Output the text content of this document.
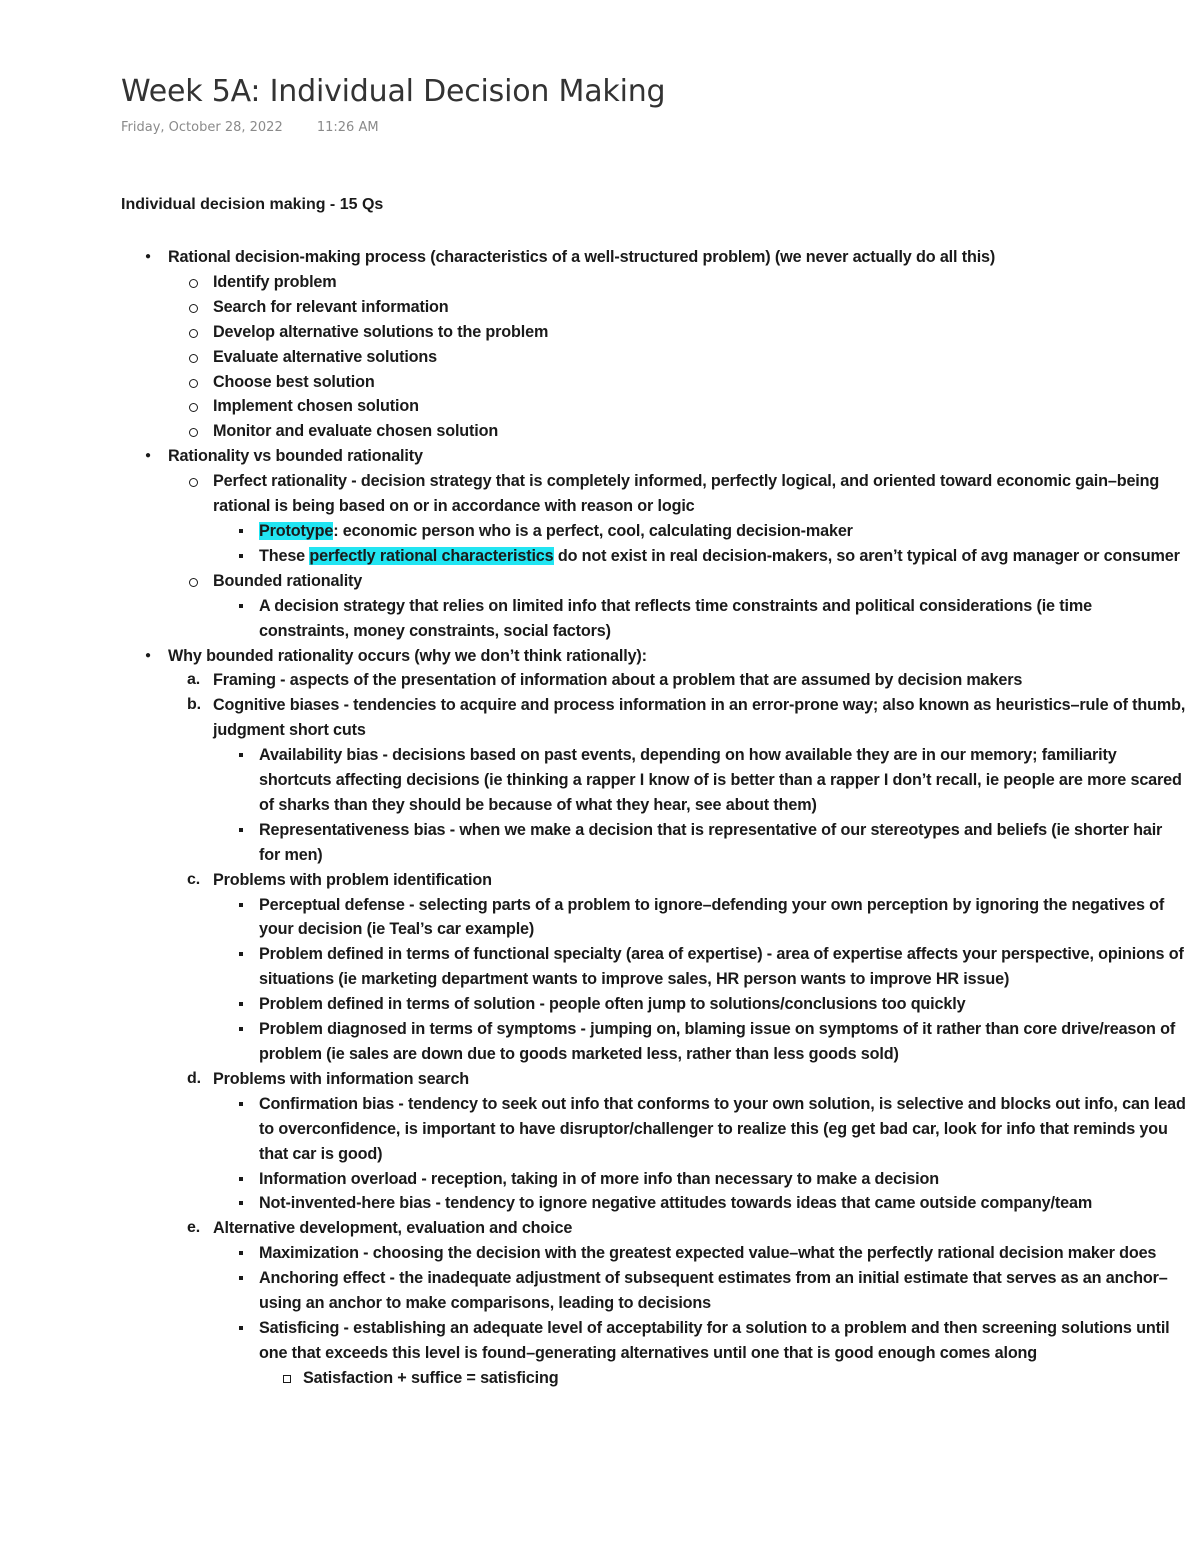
Week 5A: Individual Decision Making
Friday, October 28, 2022	11:26 AM

Individual decision making - 15 Qs

● Rational decision-making process (characteristics of a well-structured problem) (we never actually do all this)
Identify problem
Search for relevant information
Develop alternative solutions to the problem
Evaluate alternative solutions
Choose best solution
Implement chosen solution
Monitor and evaluate chosen solution
● Rationality vs bounded rationality
Perfect rationality - decision strategy that is completely informed, perfectly logical, and oriented toward economic gain–being rational is being based on or in accordance with reason or logic
Prototype: economic person who is a perfect, cool, calculating decision-maker
These perfectly rational characteristics do not exist in real decision-makers, so aren’t typical of avg manager or consumer
Bounded rationality
A decision strategy that relies on limited info that reflects time constraints and political considerations (ie time constraints, money constraints, social factors)
● Why bounded rationality occurs (why we don’t think rationally):
a. Framing - aspects of the presentation of information about a problem that are assumed by decision makers
b. Cognitive biases - tendencies to acquire and process information in an error-prone way; also known as heuristics–rule of thumb, judgment short cuts
Availability bias - decisions based on past events, depending on how available they are in our memory; familiarity shortcuts affecting decisions (ie thinking a rapper I know of is better than a rapper I don’t recall, ie people are more scared of sharks than they should be because of what they hear, see about them)
Representativeness bias - when we make a decision that is representative of our stereotypes and beliefs (ie shorter hair for men)
c. Problems with problem identification
Perceptual defense - selecting parts of a problem to ignore–defending your own perception by ignoring the negatives of your decision (ie Teal’s car example)
Problem defined in terms of functional specialty (area of expertise) - area of expertise affects your perspective, opinions of situations (ie marketing department wants to improve sales, HR person wants to improve HR issue)
Problem defined in terms of solution - people often jump to solutions/conclusions too quickly
Problem diagnosed in terms of symptoms - jumping on, blaming issue on symptoms of it rather than core drive/reason of problem (ie sales are down due to goods marketed less, rather than less goods sold)
d. Problems with information search
Confirmation bias - tendency to seek out info that conforms to your own solution, is selective and blocks out info, can lead to overconfidence, is important to have disruptor/challenger to realize this (eg get bad car, look for info that reminds you that car is good)
Information overload - reception, taking in of more info than necessary to make a decision
Not-invented-here bias - tendency to ignore negative attitudes towards ideas that came outside company/team
e. Alternative development, evaluation and choice
Maximization - choosing the decision with the greatest expected value–what the perfectly rational decision maker does
Anchoring effect - the inadequate adjustment of subsequent estimates from an initial estimate that serves as an anchor–using an anchor to make comparisons, leading to decisions
Satisficing - establishing an adequate level of acceptability for a solution to a problem and then screening solutions until one that exceeds this level is found–generating alternatives until one that is good enough comes along
Satisfaction + suffice = satisficing
